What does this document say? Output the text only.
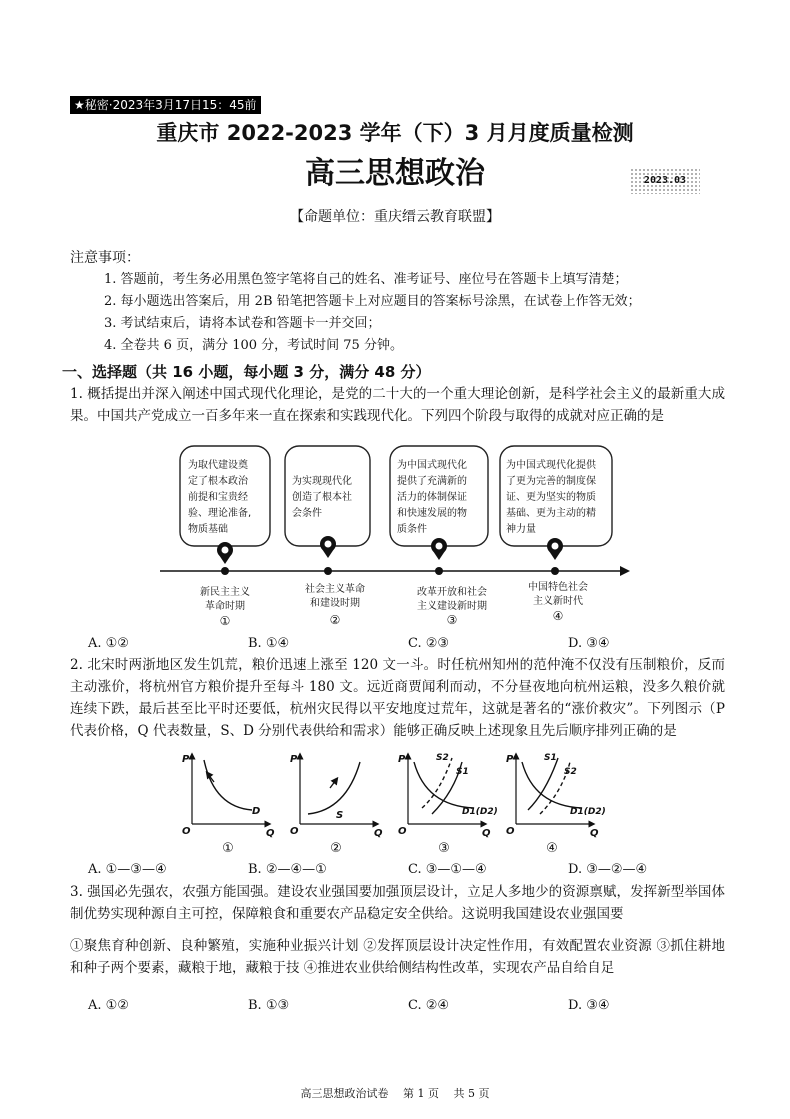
★秘密·2023年3月17日15：45前
重庆市 2022-2023 学年（下）3 月月度质量检测
高三思想政治	2023.03
【命题单位：重庆缙云教育联盟】
注意事项：
1. 答题前，考生务必用黑色签字笔将自己的姓名、准考证号、座位号在答题卡上填写清楚；
2. 每小题选出答案后，用 2B 铅笔把答题卡上对应题目的答案标号涂黑，在试卷上作答无效；
3. 考试结束后，请将本试卷和答题卡一并交回；
4. 全卷共 6 页，满分 100 分，考试时间 75 分钟。
一、选择题（共 16 小题，每小题 3 分，满分 48 分）
1. 概括提出并深入阐述中国式现代化理论，是党的二十大的一个重大理论创新，是科学社会主义的最新重大成果。中国共产党成立一百多年来一直在探索和实践现代化。下列四个阶段与取得的成就对应正确的是
为取代建设奠
定了根本政治
前提和宝贵经
验、理论准备,
物质基础
为实现现代化
创造了根本社
会条件
为中国式现代化
提供了充满新的
活力的体制保证
和快速发展的物
质条件
为中国式现代化提供
了更为完善的制度保
证、更为坚实的物质
基础、更为主动的精
神力量
新民主主义
革命时期
①
社会主义革命
和建设时期
②
改革开放和社会
主义建设新时期
③
中国特色社会
主义新时代
④
A. ①②	B. ①④	C. ②③	D. ③④
2. 北宋时两浙地区发生饥荒，粮价迅速上涨至 120 文一斗。时任杭州知州的范仲淹不仅没有压制粮价，反而主动涨价，将杭州官方粮价提升至每斗 180 文。远近商贾闻利而动，不分昼夜地向杭州运粮，没多久粮价就连续下跌，最后甚至比平时还要低，杭州灾民得以平安地度过荒年，这就是著名的“涨价救灾”。下列图示（P 代表价格，Q 代表数量，S、D 分别代表供给和需求）能够正确反映上述现象且先后顺序排列正确的是
P
O	Q
D
P
O	Q
S
P
O	Q
S2
S1
D1(D2)
P
O	Q
S1
S2
D1(D2)
①	②	③	④
A. ①—③—④	B. ②—④—①	C. ③—①—④	D. ③—②—④
3. 强国必先强农，农强方能国强。建设农业强国要加强顶层设计，立足人多地少的资源禀赋，发挥新型举国体制优势实现种源自主可控，保障粮食和重要农产品稳定安全供给。这说明我国建设农业强国要
①聚焦育种创新、良种繁殖，实施种业振兴计划 ②发挥顶层设计决定性作用，有效配置农业资源 ③抓住耕地和种子两个要素，藏粮于地，藏粮于技 ④推进农业供给侧结构性改革，实现农产品自给自足
A. ①②	B. ①③	C. ②④	D. ③④
高三思想政治试卷　 第 1 页　 共 5 页
